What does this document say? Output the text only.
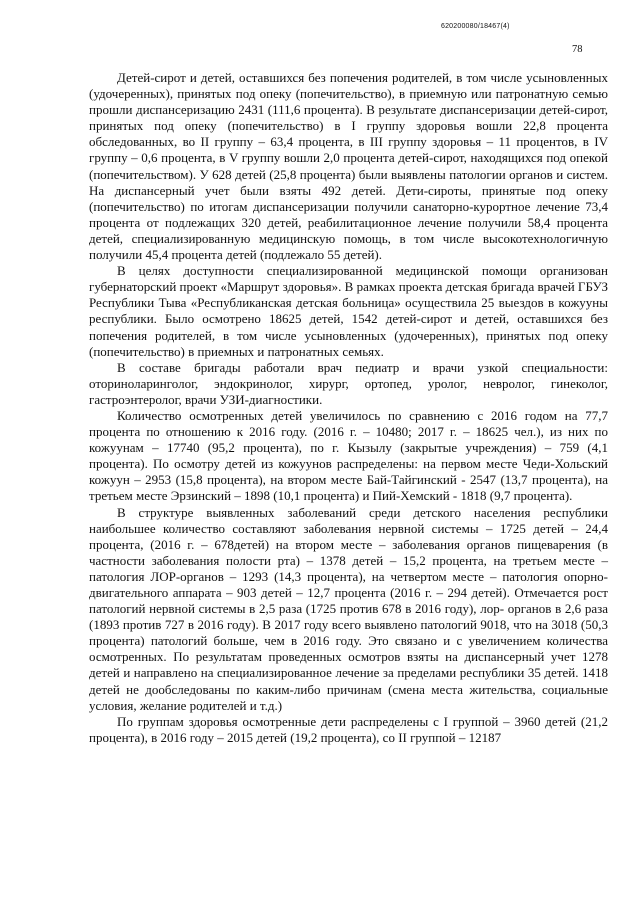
620200080/18467(4)
78

Детей-сирот и детей, оставшихся без попечения родителей, в том числе усыновленных (удочеренных), принятых под опеку (попечительство), в приемную или патронатную семью прошли диспансеризацию 2431 (111,6 процента). В результате диспансеризации детей-сирот, принятых под опеку (попечительство) в I группу здоровья вошли 22,8 процента обследованных, во II группу – 63,4 процента, в III группу здоровья – 11 процентов, в IV группу – 0,6 процента, в V группу вошли 2,0 процента детей-сирот, находящихся под опекой (попечительством). У 628 детей (25,8 процента) были выявлены патологии органов и систем. На диспансерный учет были взяты 492 детей. Дети-сироты, принятые под опеку (попечительство) по итогам диспансеризации получили санаторно-курортное лечение 73,4 процента от подлежащих 320 детей, реабилитационное лечение получили 58,4 процента детей, специализированную медицинскую помощь, в том числе высокотехнологичную получили 45,4 процента детей (подлежало 55 детей).

В целях доступности специализированной медицинской помощи организован губернаторский проект «Маршрут здоровья». В рамках проекта детская бригада врачей ГБУЗ Республики Тыва «Республиканская детская больница» осуществила 25 выездов в кожууны республики. Было осмотрено 18625 детей, 1542 детей-сирот и детей, оставшихся без попечения родителей, в том числе усыновленных (удочеренных), принятых под опеку (попечительство) в приемных и патронатных семьях.

В составе бригады работали врач педиатр и врачи узкой специальности: оториноларинголог, эндокринолог, хирург, ортопед, уролог, невролог, гинеколог, гастроэнтеролог, врачи УЗИ-диагностики.

Количество осмотренных детей увеличилось по сравнению с 2016 годом на 77,7 процента по отношению к 2016 году. (2016 г. – 10480; 2017 г. – 18625 чел.), из них по кожуунам – 17740 (95,2 процента), по г. Кызылу (закрытые учреждения) – 759 (4,1 процента). По осмотру детей из кожуунов распределены: на первом месте Чеди-Хольский кожуун – 2953 (15,8 процента), на втором месте Бай-Тайгинский - 2547 (13,7 процента), на третьем месте Эрзинский – 1898 (10,1 процента) и Пий-Хемский - 1818 (9,7 процента).

В структуре выявленных заболеваний среди детского населения республики наибольшее количество составляют заболевания нервной системы – 1725 детей – 24,4 процента, (2016 г. – 678детей) на втором месте – заболевания органов пищеварения (в частности заболевания полости рта) – 1378 детей – 15,2 процента, на третьем месте – патология ЛОР-органов – 1293 (14,3 процента), на четвертом месте – патология опорно-двигательного аппарата – 903 детей – 12,7 процента (2016 г. – 294 детей). Отмечается рост патологий нервной системы в 2,5 раза (1725 против 678 в 2016 году), лор- органов в 2,6 раза (1893 против 727 в 2016 году). В 2017 году всего выявлено патологий 9018, что на 3018 (50,3 процента) патологий больше, чем в 2016 году. Это связано и с увеличением количества осмотренных. По результатам проведенных осмотров взяты на диспансерный учет 1278 детей и направлено на специализированное лечение за пределами республики 35 детей. 1418 детей не дообследованы по каким-либо причинам (смена места жительства, социальные условия, желание родителей и т.д.)

По группам здоровья осмотренные дети распределены с I группой – 3960 детей (21,2 процента), в 2016 году – 2015 детей (19,2 процента), со II группой – 12187
